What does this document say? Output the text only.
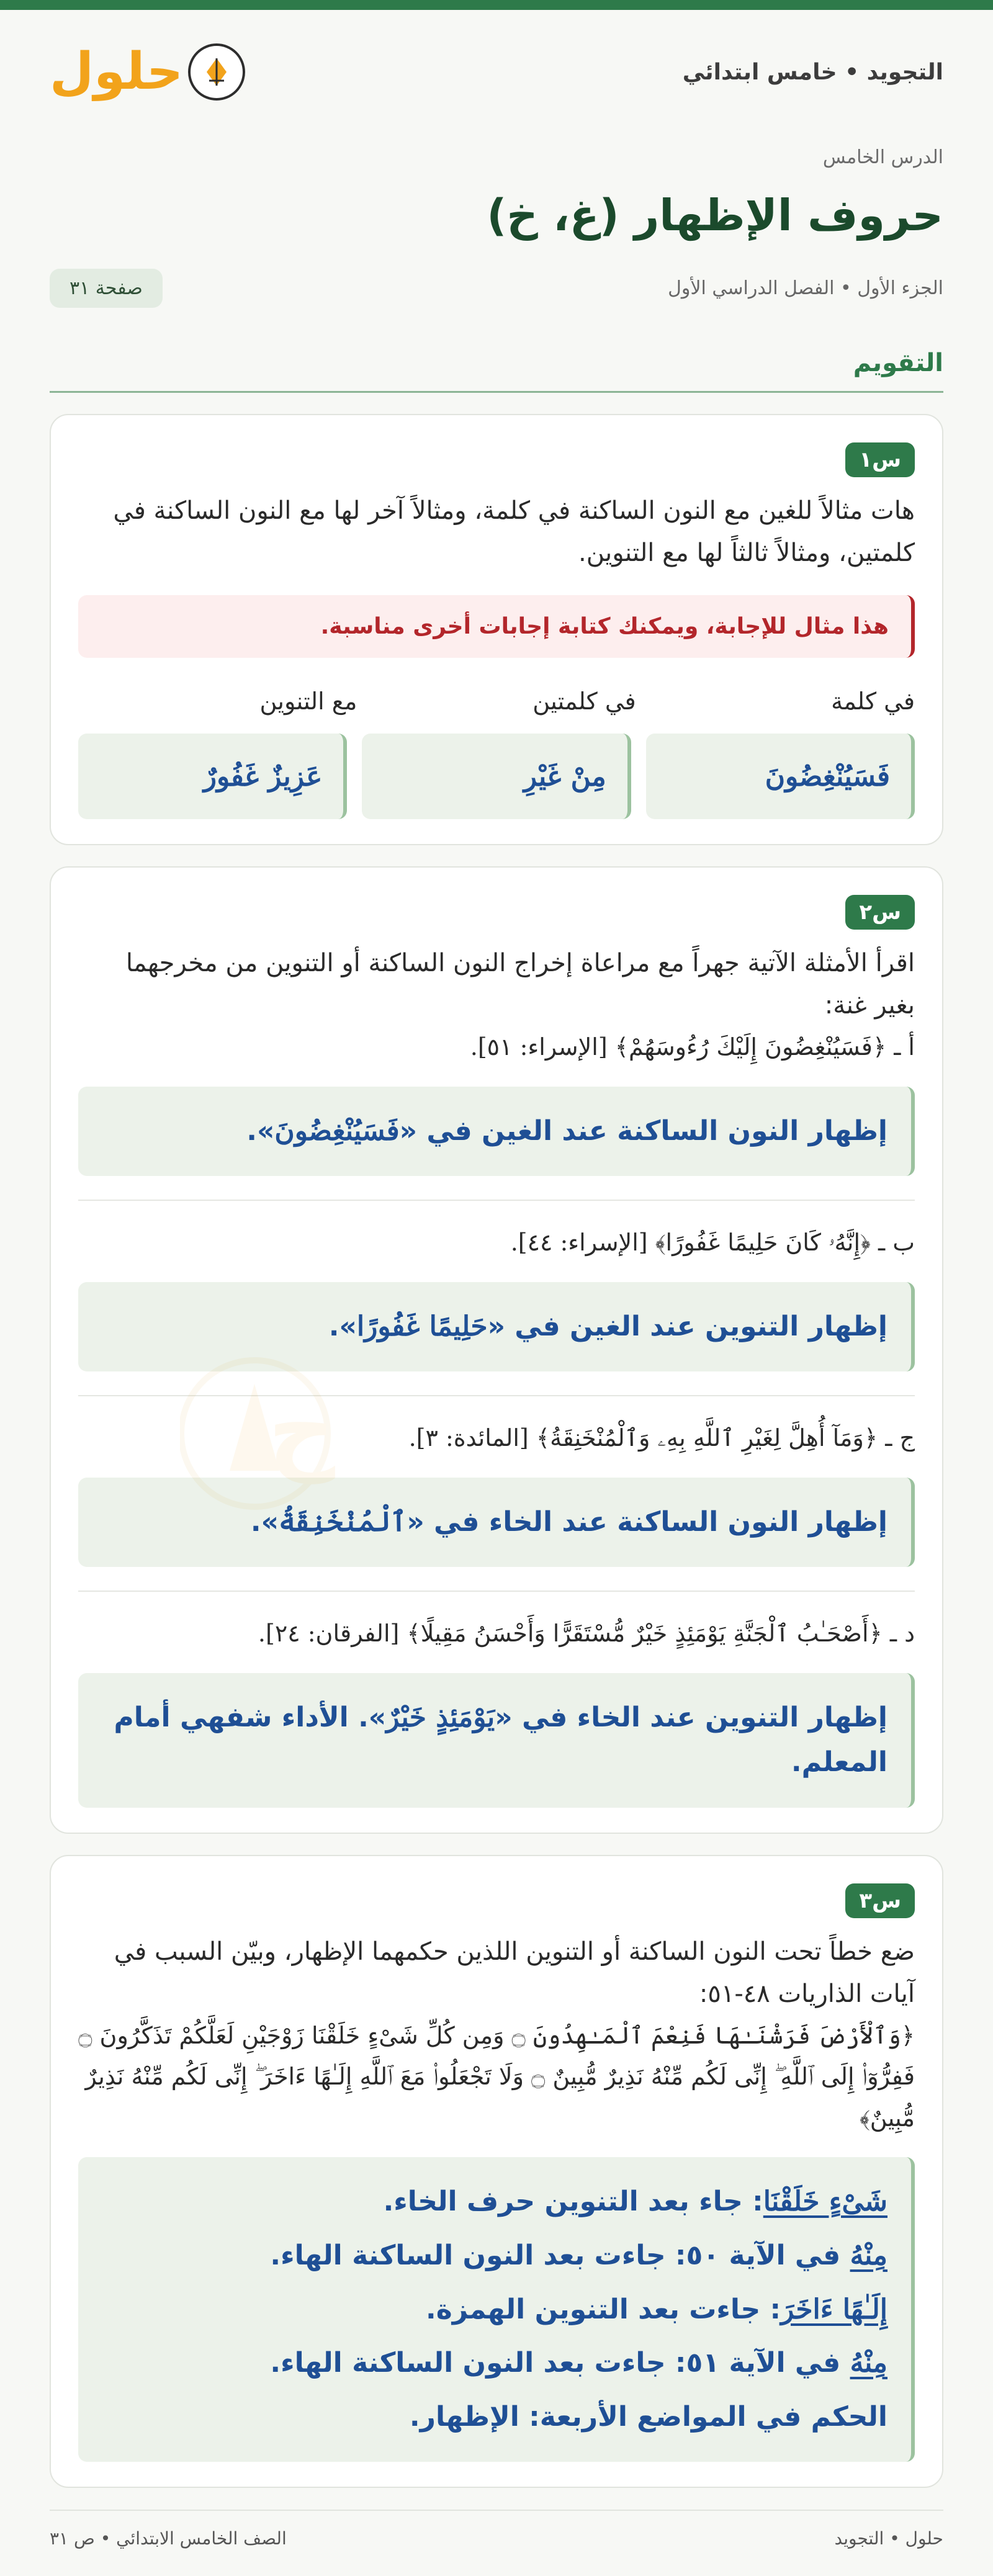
التجويد • خامس ابتدائي
حلول
الدرس الخامس
حروف الإظهار (غ، خ)
الجزء الأول • الفصل الدراسي الأول
صفحة ٣١
التقويم
س١

هات مثالاً للغين مع النون الساكنة في كلمة، ومثالاً آخر لها مع النون الساكنة في كلمتين، ومثالاً ثالثاً لها مع التنوين.

هذا مثال للإجابة، ويمكنك كتابة إجابات أخرى مناسبة.
في كلمة
في كلمتين
مع التنوين
فَسَيُنْغِضُونَ
مِنْ غَيْرِ
عَزِيزٌ غَفُورٌ
س٢

اقرأ الأمثلة الآتية جهراً مع مراعاة إخراج النون الساكنة أو التنوين من مخرجهما بغير غنة:

أ ـ ﴿فَسَيُنْغِضُونَ إِلَيْكَ رُءُوسَهُمْ﴾ [الإسراء: ٥١].

إظهار النون الساكنة عند الغين في «فَسَيُنْغِضُونَ».

ب ـ ﴿إِنَّهُۥ كَانَ حَلِيمًا غَفُورًا﴾ [الإسراء: ٤٤].

إظهار التنوين عند الغين في «حَلِيمًا غَفُورًا».

ج ـ ﴿وَمَآ أُهِلَّ لِغَيْرِ ٱللَّهِ بِهِۦ وَٱلْمُنْخَنِقَةُ﴾ [المائدة: ٣].

إظهار النون الساكنة عند الخاء في «ٱلْمُنْخَنِقَةُ».

د ـ ﴿أَصْحَـٰبُ ٱلْجَنَّةِ يَوْمَئِذٍ خَيْرٌ مُّسْتَقَرًّا وَأَحْسَنُ مَقِيلًا﴾ [الفرقان: ٢٤].

إظهار التنوين عند الخاء في «يَوْمَئِذٍ خَيْرٌ». الأداء شفهي أمام المعلم.
س٣

ضع خطاً تحت النون الساكنة أو التنوين اللذين حكمهما الإظهار، وبيّن السبب في آيات الذاريات ٤٨-٥١:

﴿وَٱلْأَرْضَ فَرَشْنَـٰهَا فَنِعْمَ ٱلْمَـٰهِدُونَ ۝ وَمِن كُلِّ شَىْءٍ خَلَقْنَا زَوْجَيْنِ لَعَلَّكُمْ تَذَكَّرُونَ ۝ فَفِرُّوٓا۟ إِلَى ٱللَّهِ ۖ إِنِّى لَكُم مِّنْهُ نَذِيرٌ مُّبِينٌ ۝ وَلَا تَجْعَلُوا۟ مَعَ ٱللَّهِ إِلَـٰهًا ءَاخَرَ ۖ إِنِّى لَكُم مِّنْهُ نَذِيرٌ مُّبِينٌ﴾

شَىْءٍ خَلَقْنَا: جاء بعد التنوين حرف الخاء.

مِنْهُ في الآية ٥٠: جاءت بعد النون الساكنة الهاء.

إِلَـٰهًا ءَاخَرَ: جاءت بعد التنوين الهمزة.

مِنْهُ في الآية ٥١: جاءت بعد النون الساكنة الهاء.

الحكم في المواضع الأربعة: الإظهار.

حلول • التجويد
الصف الخامس الابتدائي • ص ٣١
